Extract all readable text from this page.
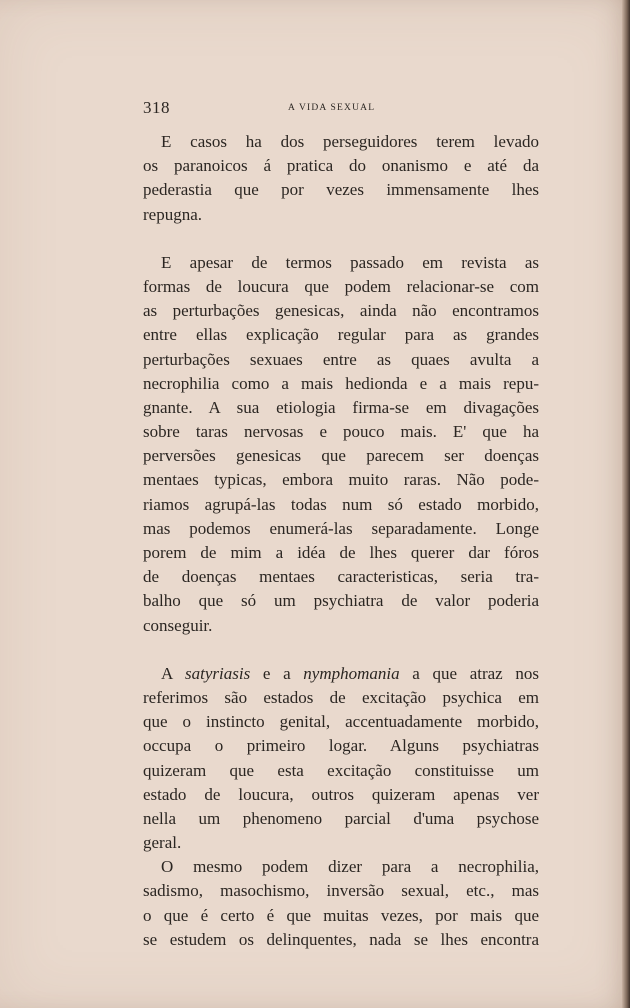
318	A VIDA SEXUAL
E casos ha dos perseguidores terem levado
os paranoicos á pratica do onanismo e até da
pederastia que por vezes immensamente lhes
repugna.
E apesar de termos passado em revista as
formas de loucura que podem relacionar-se com
as perturbações genesicas, ainda não encontramos
entre ellas explicação regular para as grandes
perturbações sexuaes entre as quaes avulta a
necrophilia como a mais hedionda e a mais repu-
gnante. A sua etiologia firma-se em divagações
sobre taras nervosas e pouco mais. E' que ha
perversões genesicas que parecem ser doenças
mentaes typicas, embora muito raras. Não pode-
riamos agrupá-las todas num só estado morbido,
mas podemos enumerá-las separadamente. Longe
porem de mim a idéa de lhes querer dar fóros
de doenças mentaes caracteristicas, seria tra-
balho que só um psychiatra de valor poderia
conseguir.
A satyriasis e a nymphomania a que atraz nos
referimos são estados de excitação psychica em
que o instincto genital, accentuadamente morbido,
occupa o primeiro logar. Alguns psychiatras
quizeram que esta excitação constituisse um
estado de loucura, outros quizeram apenas ver
nella um phenomeno parcial d'uma psychose
geral.
O mesmo podem dizer para a necrophilia,
sadismo, masochismo, inversão sexual, etc., mas
o que é certo é que muitas vezes, por mais que
se estudem os delinquentes, nada se lhes encontra
